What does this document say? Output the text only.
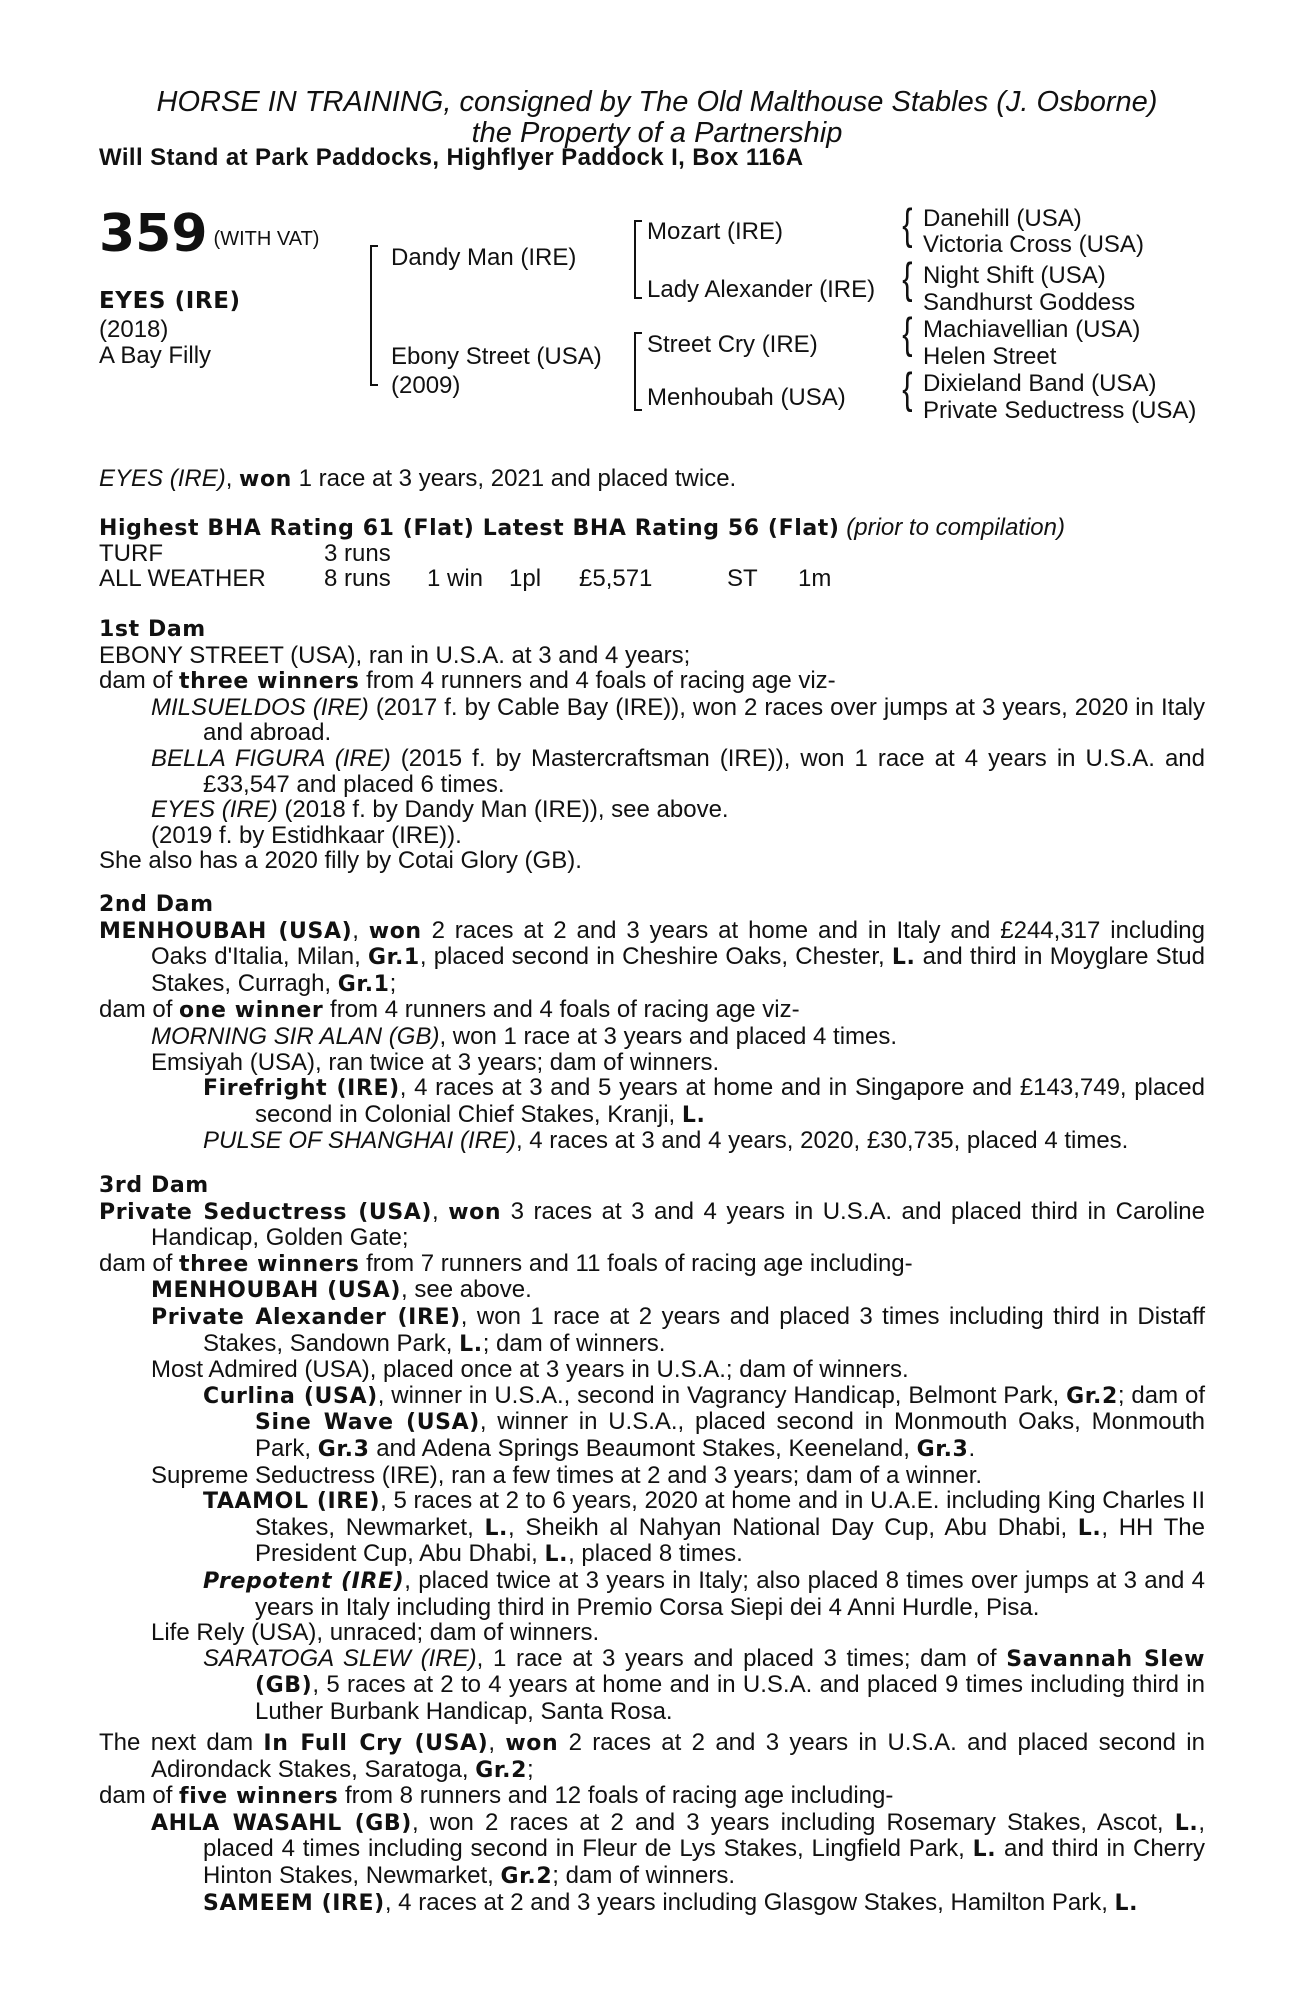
HORSE IN TRAINING, consigned by The Old Malthouse Stables (J. Osborne)
the Property of a Partnership
Will Stand at Park Paddocks, Highflyer Paddock I, Box 116A
359 (WITH VAT)
EYES (IRE)
(2018)
A Bay Filly
Dandy Man (IRE)
Ebony Street (USA)
(2009)
Mozart (IRE)
Lady Alexander (IRE)
Street Cry (IRE)
Menhoubah (USA)
{
{
{
{
Danehill (USA)
Victoria Cross (USA)
Night Shift (USA)
Sandhurst Goddess
Machiavellian (USA)
Helen Street
Dixieland Band (USA)
Private Seductress (USA)
EYES (IRE), won 1 race at 3 years, 2021 and placed twice.
Highest BHA Rating 61 (Flat) Latest BHA Rating 56 (Flat) (prior to compilation)
TURF	3 runs
ALL WEATHER 8 runs 1 win 1pl £5,571	ST 1m

1st Dam

EBONY STREET (USA), ran in U.S.A. at 3 and 4 years;

dam of three winners from 4 runners and 4 foals of racing age viz-

MILSUELDOS (IRE) (2017 f. by Cable Bay (IRE)), won 2 races over jumps at 3 years, 2020 in Italy and abroad.

BELLA FIGURA (IRE) (2015 f. by Mastercraftsman (IRE)), won 1 race at 4 years in U.S.A. and £33,547 and placed 6 times.

EYES (IRE) (2018 f. by Dandy Man (IRE)), see above.

(2019 f. by Estidhkaar (IRE)).

She also has a 2020 filly by Cotai Glory (GB).

2nd Dam

MENHOUBAH (USA), won 2 races at 2 and 3 years at home and in Italy and £244,317 including Oaks d'Italia, Milan, Gr.1, placed second in Cheshire Oaks, Chester, L. and third in Moyglare Stud Stakes, Curragh, Gr.1;

dam of one winner from 4 runners and 4 foals of racing age viz-

MORNING SIR ALAN (GB), won 1 race at 3 years and placed 4 times.

Emsiyah (USA), ran twice at 3 years; dam of winners.

Firefright (IRE), 4 races at 3 and 5 years at home and in Singapore and £143,749, placed second in Colonial Chief Stakes, Kranji, L.

PULSE OF SHANGHAI (IRE), 4 races at 3 and 4 years, 2020, £30,735, placed 4 times.

3rd Dam

Private Seductress (USA), won 3 races at 3 and 4 years in U.S.A. and placed third in Caroline Handicap, Golden Gate;

dam of three winners from 7 runners and 11 foals of racing age including-

MENHOUBAH (USA), see above.

Private Alexander (IRE), won 1 race at 2 years and placed 3 times including third in Distaff Stakes, Sandown Park, L.; dam of winners.

Most Admired (USA), placed once at 3 years in U.S.A.; dam of winners.

Curlina (USA), winner in U.S.A., second in Vagrancy Handicap, Belmont Park, Gr.2; dam of Sine Wave (USA), winner in U.S.A., placed second in Monmouth Oaks, Monmouth Park, Gr.3 and Adena Springs Beaumont Stakes, Keeneland, Gr.3.

Supreme Seductress (IRE), ran a few times at 2 and 3 years; dam of a winner.

TAAMOL (IRE), 5 races at 2 to 6 years, 2020 at home and in U.A.E. including King Charles II Stakes, Newmarket, L., Sheikh al Nahyan National Day Cup, Abu Dhabi, L., HH The President Cup, Abu Dhabi, L., placed 8 times.

Prepotent (IRE), placed twice at 3 years in Italy; also placed 8 times over jumps at 3 and 4 years in Italy including third in Premio Corsa Siepi dei 4 Anni Hurdle, Pisa.

Life Rely (USA), unraced; dam of winners.

SARATOGA SLEW (IRE), 1 race at 3 years and placed 3 times; dam of Savannah Slew (GB), 5 races at 2 to 4 years at home and in U.S.A. and placed 9 times including third in Luther Burbank Handicap, Santa Rosa.

The next dam In Full Cry (USA), won 2 races at 2 and 3 years in U.S.A. and placed second in Adirondack Stakes, Saratoga, Gr.2;

dam of five winners from 8 runners and 12 foals of racing age including-

AHLA WASAHL (GB), won 2 races at 2 and 3 years including Rosemary Stakes, Ascot, L., placed 4 times including second in Fleur de Lys Stakes, Lingfield Park, L. and third in Cherry Hinton Stakes, Newmarket, Gr.2; dam of winners.

SAMEEM (IRE), 4 races at 2 and 3 years including Glasgow Stakes, Hamilton Park, L.
